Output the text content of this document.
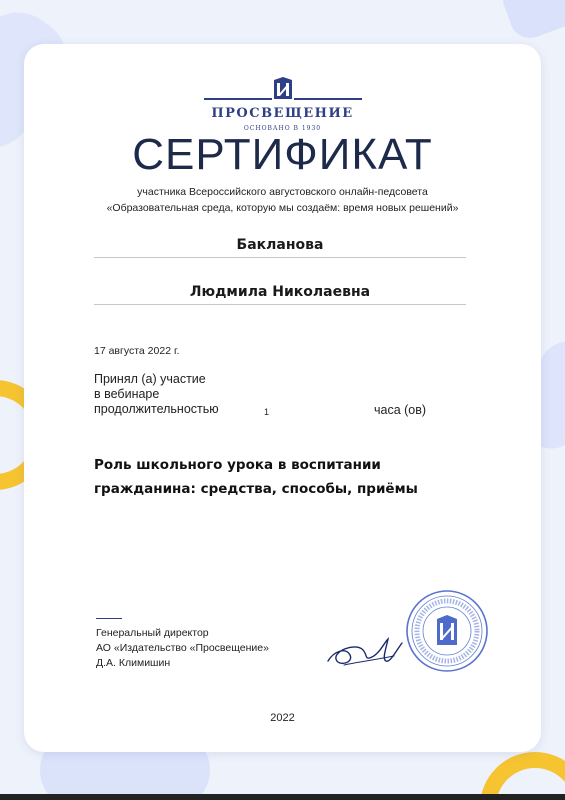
ПРОСВЕЩЕНИЕ
ОСНОВАНО В 1930
СЕРТИФИКАТ
участника Всероссийского августовского онлайн-педсовета
«Образовательная среда, которую мы создаём: время новых решений»
Бакланова
Людмила Николаевна
17 августа 2022 г.
Принял (а) участие
в вебинаре
продолжительностью	1	часа (ов)
Роль школьного урока в воспитании
гражданина: средства, способы, приёмы
Генеральный директор
АО «Издательство «Просвещение»
Д.А. Климишин
2022
